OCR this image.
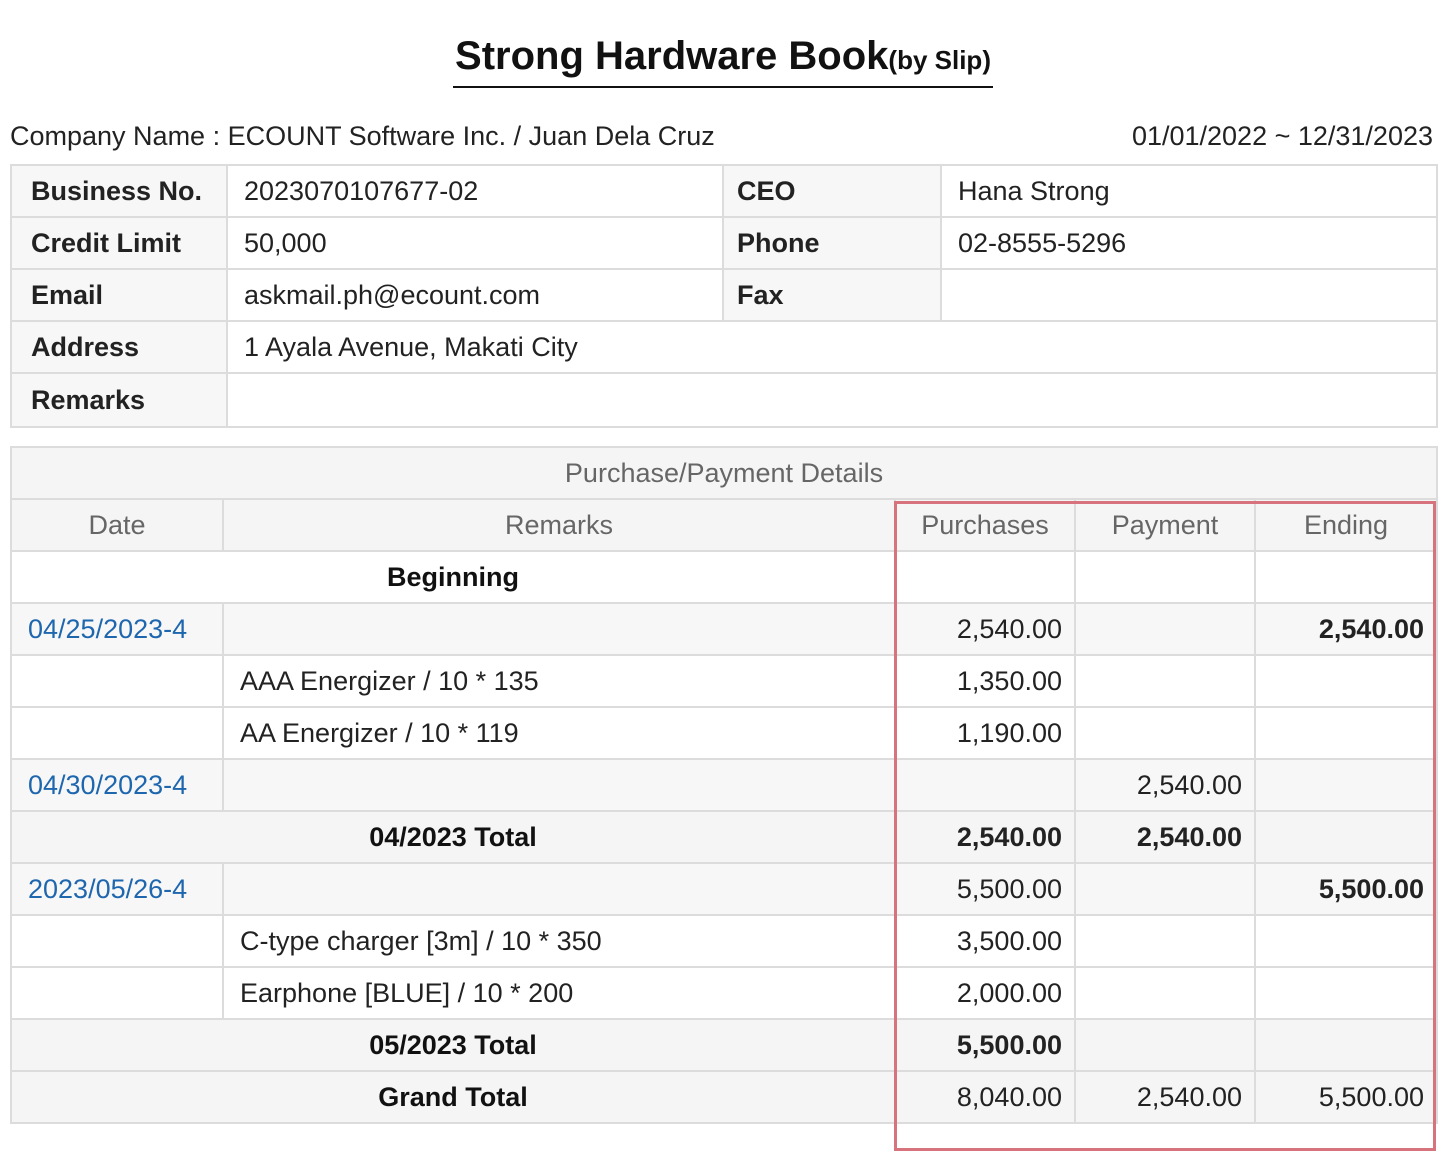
Strong Hardware Book(by Slip)
Company Name : ECOUNT Software Inc. / Juan Dela Cruz	01/01/2022 ~ 12/31/2023
Business No.	2023070107677-02	CEO	Hana Strong
Credit Limit	50,000	Phone	02-8555-5296
Email	askmail.ph@ecount.com	Fax	
Address	1 Ayala Avenue, Makati City		
Remarks			
Purchase/Payment Details				
Date	Remarks	Purchases	Payment	Ending
Beginning				
04/25/2023-4		2,540.00		2,540.00
	AAA Energizer / 10 * 135	1,350.00		
	AA Energizer / 10 * 119	1,190.00		
04/30/2023-4			2,540.00	
04/2023 Total		2,540.00	2,540.00	
2023/05/26-4		5,500.00		5,500.00
	C-type charger [3m] / 10 * 350	3,500.00		
	Earphone [BLUE] / 10 * 200	2,000.00		
05/2023 Total		5,500.00		
Grand Total		8,040.00	2,540.00	5,500.00
